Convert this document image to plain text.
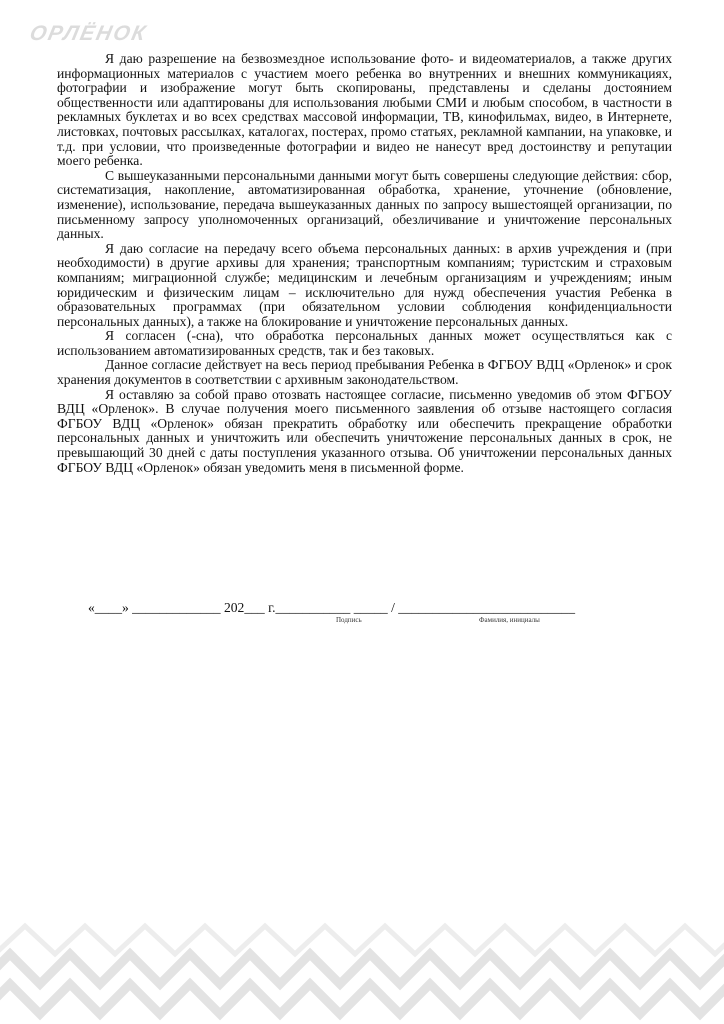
ОРЛЁНОК

Я даю разрешение на безвозмездное использование фото- и видеоматериалов, а также других информационных материалов с участием моего ребенка во внутренних и внешних коммуникациях, фотографии и изображение могут быть скопированы, представлены и сделаны достоянием общественности или адаптированы для использования любыми СМИ и любым способом, в частности в рекламных буклетах и во всех средствах массовой информации, ТВ, кинофильмах, видео, в Интернете, листовках, почтовых рассылках, каталогах, постерах, промо статьях, рекламной кампании, на упаковке, и т.д. при условии, что произведенные фотографии и видео не нанесут вред достоинству и репутации моего ребенка.

С вышеуказанными персональными данными могут быть совершены следующие действия: сбор, систематизация, накопление, автоматизированная обработка, хранение, уточнение (обновление, изменение), использование, передача вышеуказанных данных по запросу вышестоящей организации, по письменному запросу уполномоченных организаций, обезличивание и уничтожение персональных данных.

Я даю согласие на передачу всего объема персональных данных: в архив учреждения и (при необходимости) в другие архивы для хранения; транспортным компаниям; туристским и страховым компаниям; миграционной службе; медицинским и лечебным организациям и учреждениям; иным юридическим и физическим лицам – исключительно для нужд обеспечения участия Ребенка в образовательных программах (при обязательном условии соблюдения конфиденциальности персональных данных), а также на блокирование и уничтожение персональных данных.

Я согласен (-сна), что обработка персональных данных может осуществляться как с использованием автоматизированных средств, так и без таковых.

Данное согласие действует на весь период пребывания Ребенка в ФГБОУ ВДЦ «Орленок» и срок хранения документов в соответствии с архивным законодательством.

Я оставляю за собой право отозвать настоящее согласие, письменно уведомив об этом ФГБОУ ВДЦ «Орленок». В случае получения моего письменного заявления об отзыве настоящего согласия ФГБОУ ВДЦ «Орленок» обязан прекратить обработку или обеспечить прекращение обработки персональных данных и уничтожить или обеспечить уничтожение персональных данных в срок, не превышающий 30 дней с даты поступления указанного отзыва. Об уничтожении персональных данных ФГБОУ ВДЦ «Орленок» обязан уведомить меня в письменной форме.

«____» _____________ 202___ г.___________ _____ / __________________________
Подпись	Фамилия, инициалы
